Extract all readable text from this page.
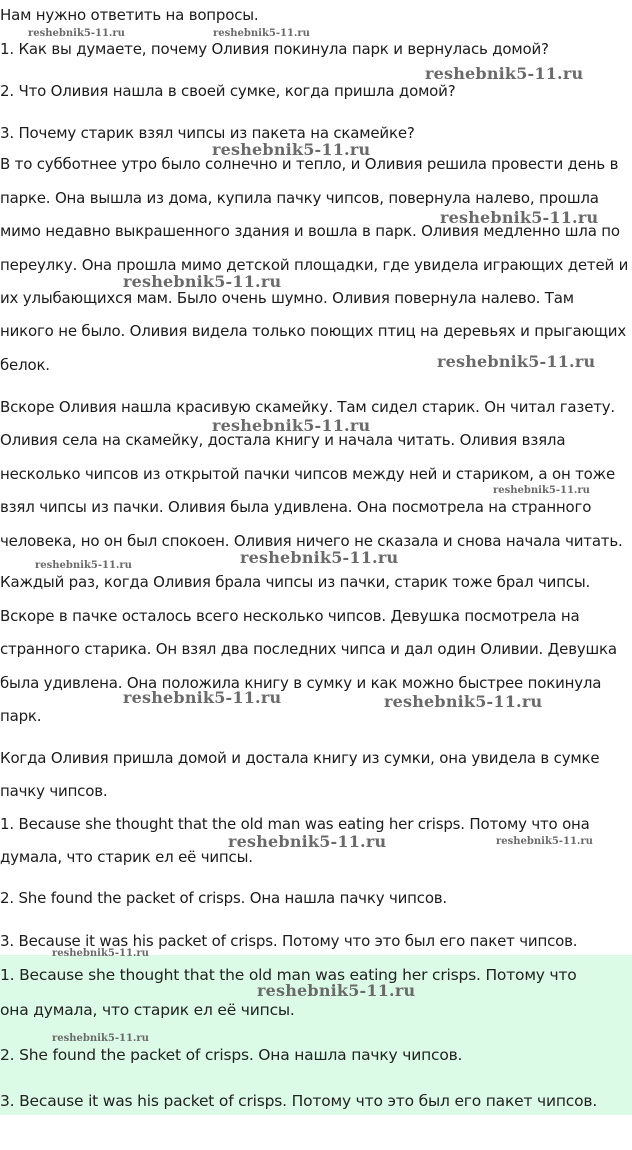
Нам нужно ответить на вопросы.

1. Как вы думаете, почему Оливия покинула парк и вернулась домой?

2. Что Оливия нашла в своей сумке, когда пришла домой?

3. Почему старик взял чипсы из пакета на скамейке?

В то субботнее утро было солнечно и тепло, и Оливия решила провести день в

парке. Она вышла из дома, купила пачку чипсов, повернула налево, прошла

мимо недавно выкрашенного здания и вошла в парк. Оливия медленно шла по

переулку. Она прошла мимо детской площадки, где увидела играющих детей и

их улыбающихся мам. Было очень шумно. Оливия повернулa налево. Там

никого не было. Оливия видела только поющих птиц на деревьях и прыгающих

белок.

Вскоре Оливия нашла красивую скамейку. Там сидел старик. Он читал газету.

Оливия села на скамейку, достала книгу и начала читать. Оливия взяла

несколько чипсов из открытой пачки чипсов между ней и стариком, а он тоже

взял чипсы из пачки. Оливия была удивлена. Она посмотрела на странного

человека, но он был спокоен. Оливия ничего не сказала и снова начала читать.

Каждый раз, когда Оливия брала чипсы из пачки, старик тоже брал чипсы.

Вскоре в пачке осталось всего несколько чипсов. Девушка посмотрела на

странного старика. Он взял два последних чипса и дал один Оливии. Девушка

была удивлена. Она положила книгу в сумку и как можно быстрее покинула

парк.

Когда Оливия пришла домой и достала книгу из сумки, она увидела в сумке

пачку чипсов.

1. Because she thought that the old man was eating her crisps. Потому что она

думала, что старик ел её чипсы.

2. She found the packet of crisps. Она нашла пачку чипсов.

3. Because it was his packet of crisps. Потому что это был его пакет чипсов.

1. Because she thought that the old man was eating her crisps. Потому что

она думала, что старик ел её чипсы.

2. She found the packet of crisps. Она нашла пачку чипсов.

3. Because it was his packet of crisps. Потому что это был его пакет чипсов.

reshebnik5-11.ru	reshebnik5-11.ru
reshebnik5-11.ru
reshebnik5-11.ru
reshebnik5-11.ru
reshebnik5-11.ru
reshebnik5-11.ru
reshebnik5-11.ru
reshebnik5-11.ru
reshebnik5-11.ru
reshebnik5-11.ru
reshebnik5-11.ru	reshebnik5-11.ru
reshebnik5-11.ru	reshebnik5-11.ru
reshebnik5-11.ru
reshebnik5-11.ru
reshebnik5-11.ru
